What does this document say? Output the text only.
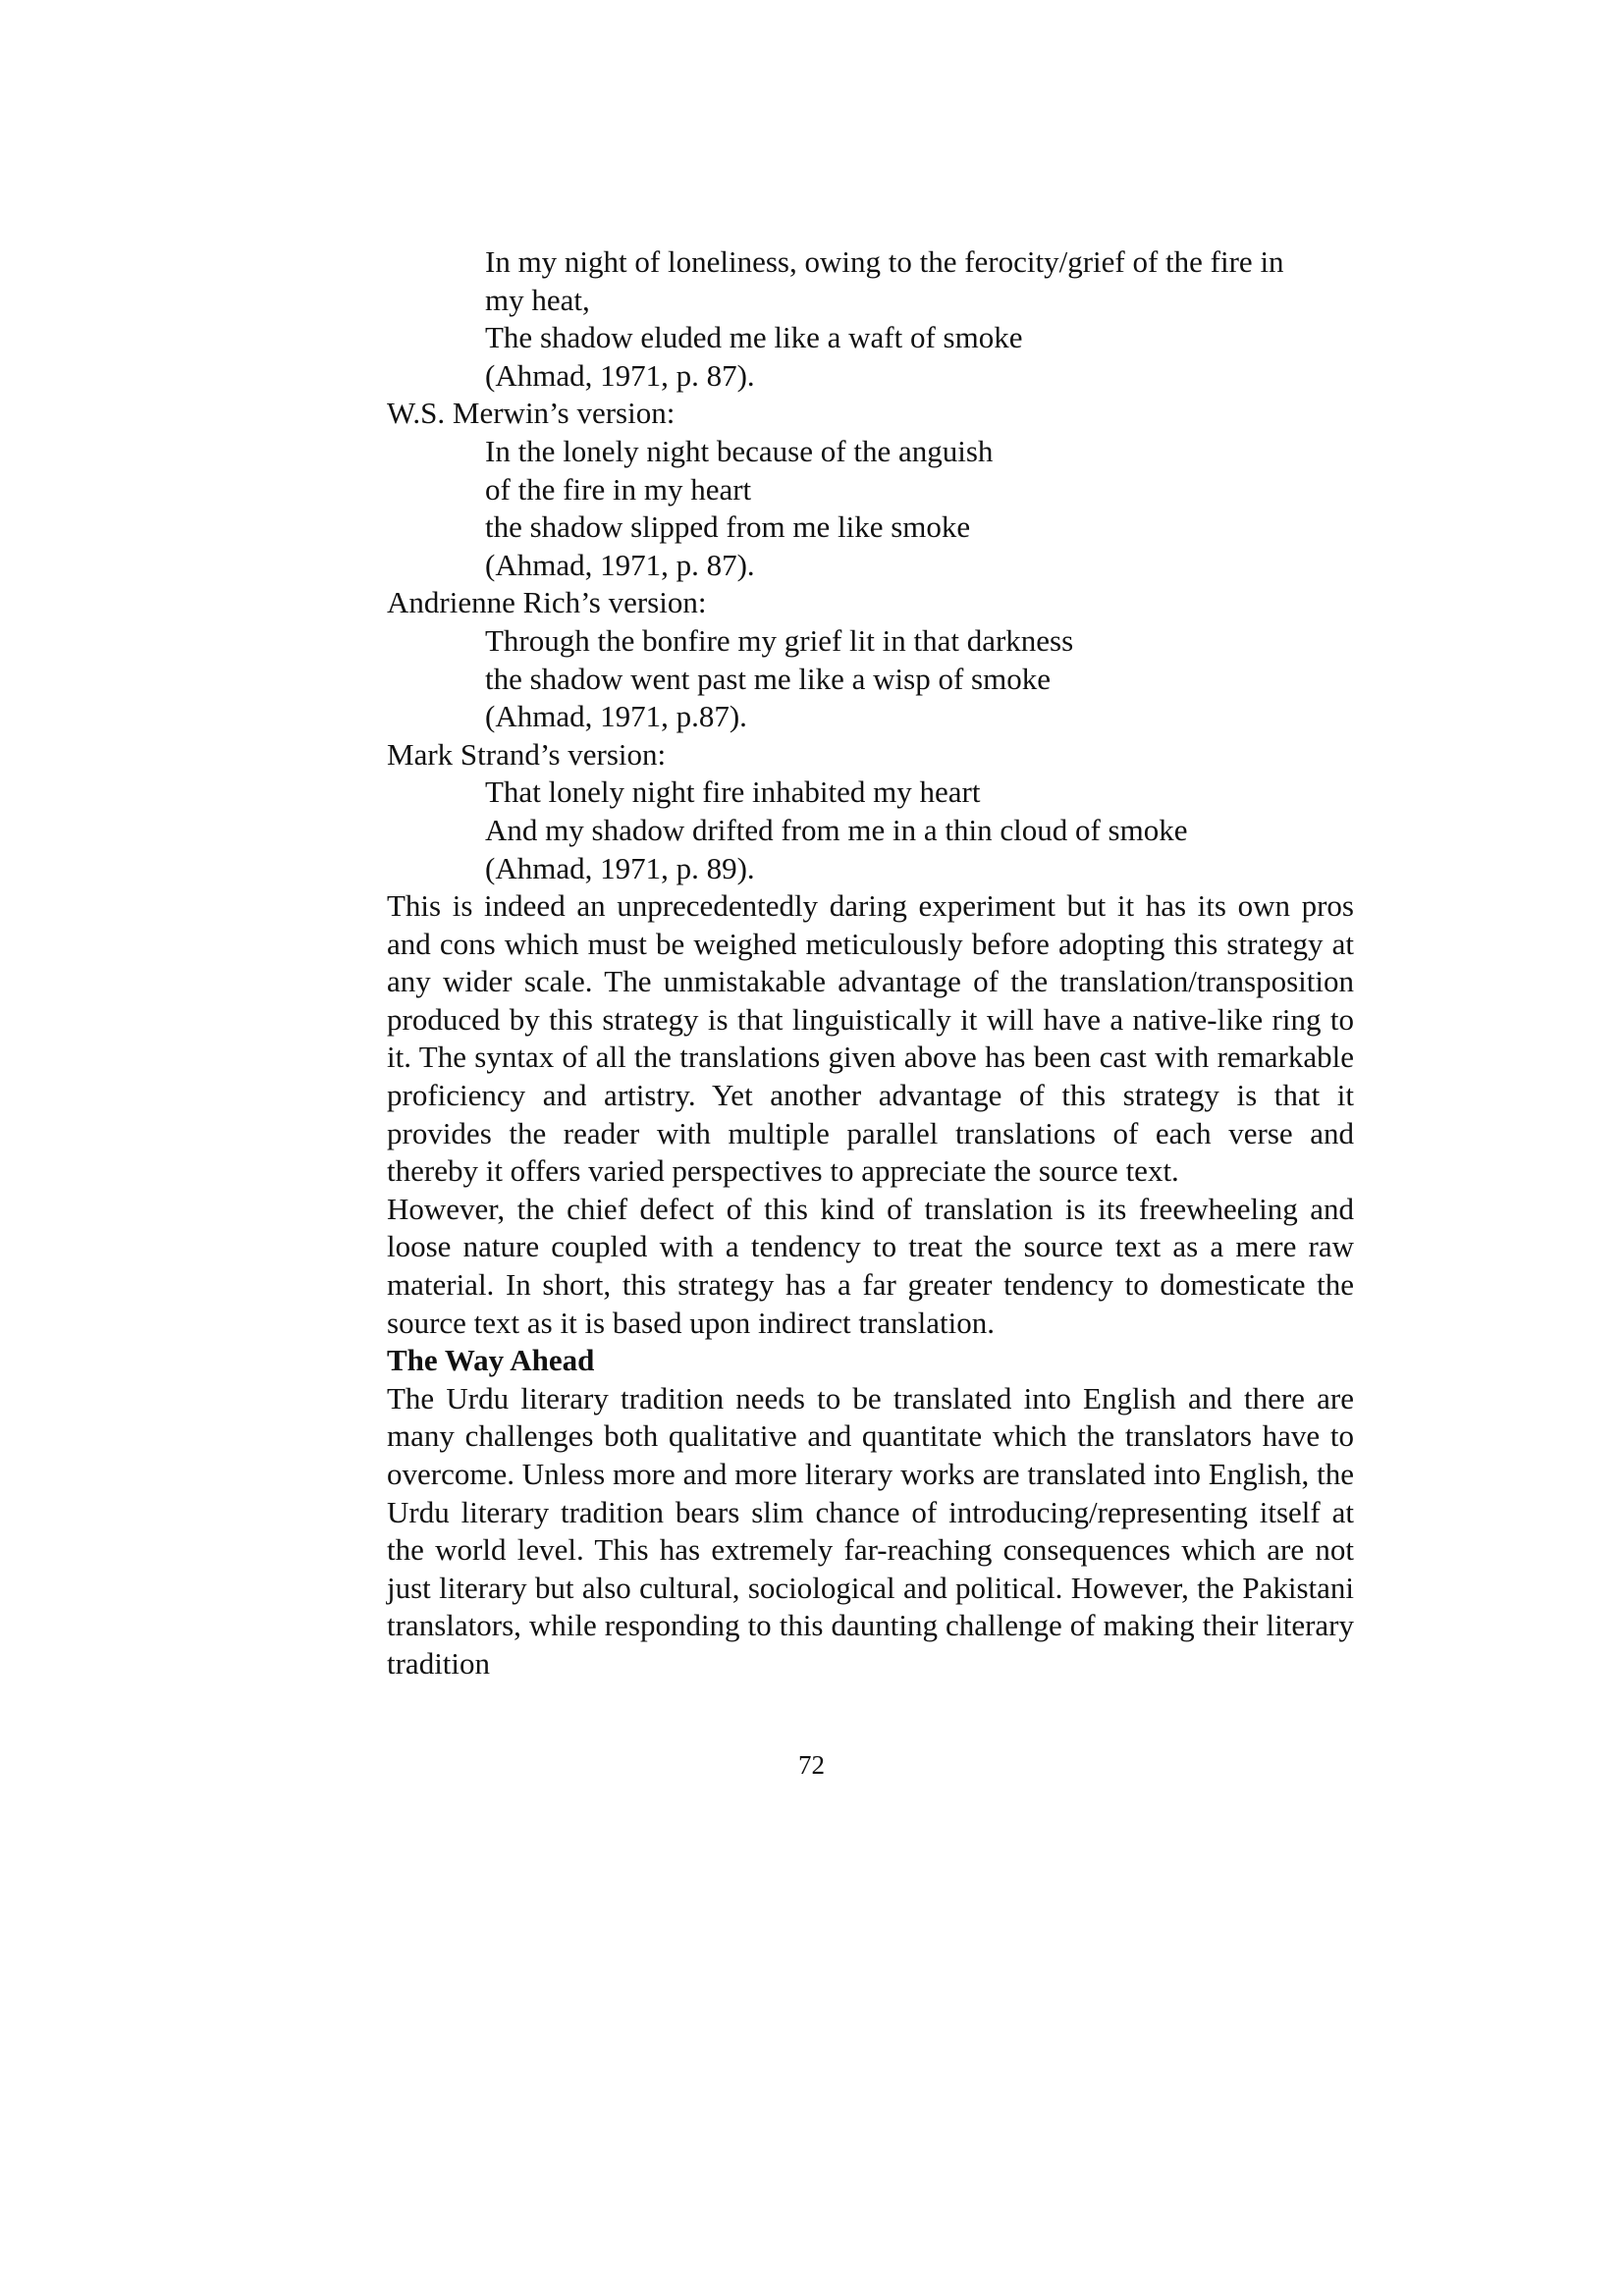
In my night of loneliness, owing to the ferocity/grief of the fire in
my heat,
The shadow eluded me like a waft of smoke
(Ahmad, 1971, p. 87).
W.S. Merwin’s version:
In the lonely night because of the anguish
of the fire in my heart
the shadow slipped from me like smoke
(Ahmad, 1971, p. 87).
Andrienne Rich’s version:
Through the bonfire my grief lit in that darkness
the shadow went past me like a wisp of smoke
(Ahmad, 1971, p.87).
Mark Strand’s version:
That lonely night fire inhabited my heart
And my shadow drifted from me in a thin cloud of smoke
(Ahmad, 1971, p. 89).

This is indeed an unprecedentedly daring experiment but it has its own pros and cons which must be weighed meticulously before adopting this strategy at any wider scale. The unmistakable advantage of the translation/transposition produced by this strategy is that linguistically it will have a native-like ring to it. The syntax of all the translations given above has been cast with remarkable proficiency and artistry. Yet another advantage of this strategy is that it provides the reader with multiple parallel translations of each verse and thereby it offers varied perspectives to appreciate the source text.

However, the chief defect of this kind of translation is its freewheeling and loose nature coupled with a tendency to treat the source text as a mere raw material. In short, this strategy has a far greater tendency to domesticate the source text as it is based upon indirect translation.

The Way Ahead

The Urdu literary tradition needs to be translated into English and there are many challenges both qualitative and quantitate which the translators have to overcome. Unless more and more literary works are translated into English, the Urdu literary tradition bears slim chance of introducing/representing itself at the world level. This has extremely far-reaching consequences which are not just literary but also cultural, sociological and political. However, the Pakistani translators, while responding to this daunting challenge of making their literary tradition

72
